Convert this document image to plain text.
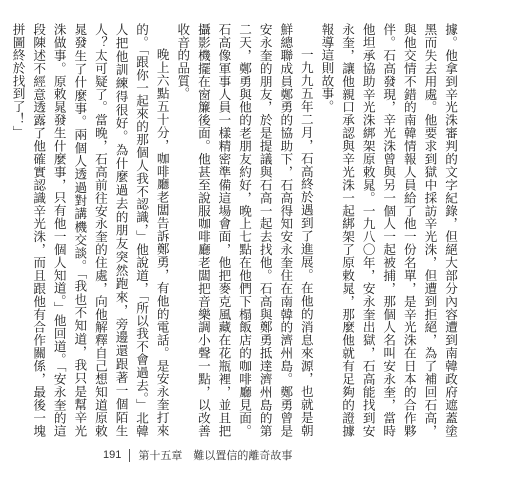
據。他拿到辛光洙審判的文字紀錄，但絕大部分內容遭到南韓政府遮蓋塗黑而失去用處。他要求到獄中採訪辛光洙，但遭到拒絕，為了補回石高，與他交情不錯的南韓情報人員給了他一份名單，是辛光洙在日本的合作夥伴。石高發現，辛光洙曾與另一個人一起被捕，那個人名叫安永奎，當時他坦承協助辛光洙綁架原敕晁。一九八〇年，安永奎出獄，石高能找到安永奎，讓他親口承認與辛光洙一起綁架了原敕晁，那麼他就有足夠的證據報導這則故事。

一九九五年二月，石高終於遇到了進展。在他的消息來源，也就是朝鮮總聯成員鄭勇的協助下，石高得知安永奎住在南韓的濟州島。鄭勇曾是安永奎的朋友，於是提議與石高一起去找他。石高與鄭勇抵達濟州島的第二天，鄭勇與他的老朋友約好，晚上七點在他們下榻飯店的咖啡廳見面。石高像軍事人員一樣精密準備這場會面，他把麥克風藏在花瓶裡，並且把攝影機擺在窗簾後面。他甚至說服咖啡廳老闆把音樂調小聲一點，以改善收音的品質。

晚上六點五十分，咖啡廳老闆告訴鄭勇，有他的電話。是安永奎打來的。「跟你一起來的那個人我不認識，」他說道，「所以我不會過去。」北韓人把他訓練得很好。為什麼過去的朋友突然跑來，旁邊還跟著一個陌生人？太可疑了。當晚，石高前往安永奎的住處，向他解釋自己想知道原敕晁發生了什麼事。兩個人透過對講機交談。「我也不知道，我只是幫辛光洙做事。原敕晁發生什麼事，只有他一個人知道。」他回道。「安永奎的這段陳述不經意透露了他確實認識辛光洙，而且跟他有合作關係，最後一塊拼圖終於找到了！」

191 第十五章　難以置信的離奇故事
